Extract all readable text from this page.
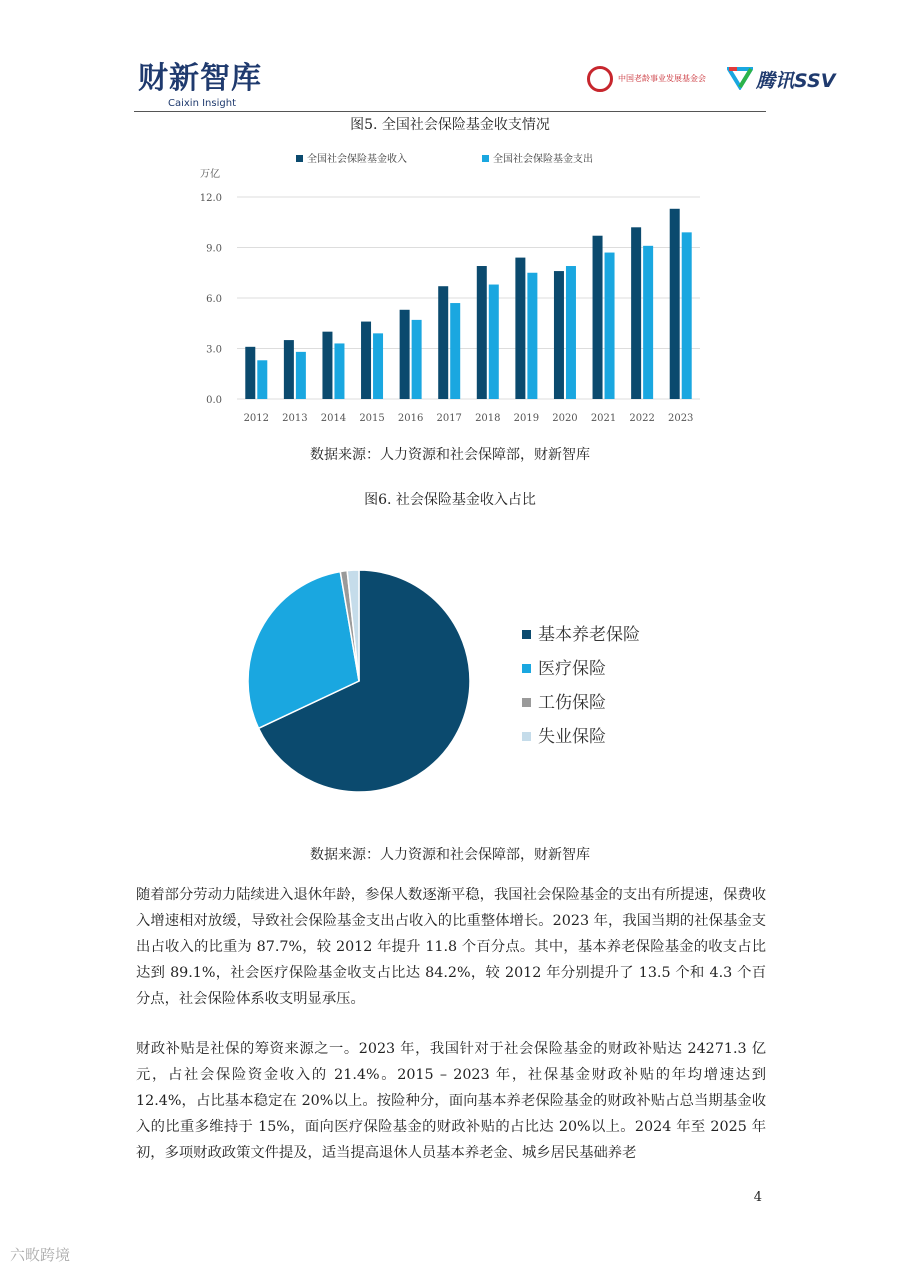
财新智库
Caixin Insight
中国老龄事业发展基金会	腾讯SSV
图5. 全国社会保险基金收支情况
万亿
0.0
3.0
6.0
9.0
12.0
2012 2013 2014 2015 2016 2017 2018 2019 2020 2021 2022 2023
全国社会保险基金收入	全国社会保险基金支出
数据来源：人力资源和社会保障部，财新智库
图6. 社会保险基金收入占比
基本养老保险
医疗保险
工伤保险
失业保险
数据来源：人力资源和社会保障部，财新智库

随着部分劳动力陆续进入退休年龄，参保人数逐渐平稳，我国社会保险基金的支出有所提速，保费收入增速相对放缓，导致社会保险基金支出占收入的比重整体增长。2023 年，我国当期的社保基金支出占收入的比重为 87.7%，较 2012 年提升 11.8 个百分点。其中，基本养老保险基金的收支占比达到 89.1%，社会医疗保险基金收支占比达 84.2%，较 2012 年分别提升了 13.5 个和 4.3 个百分点，社会保险体系收支明显承压。

财政补贴是社保的筹资来源之一。2023 年，我国针对于社会保险基金的财政补贴达 24271.3 亿元，占社会保险资金收入的 21.4%。2015 – 2023 年，社保基金财政补贴的年均增速达到 12.4%，占比基本稳定在 20%以上。按险种分，面向基本养老保险基金的财政补贴占总当期基金收入的比重多维持于 15%，面向医疗保险基金的财政补贴的占比达 20%以上。2024 年至 2025 年初，多项财政政策文件提及，适当提高退休人员基本养老金、城乡居民基础养老

4
六畋跨境
